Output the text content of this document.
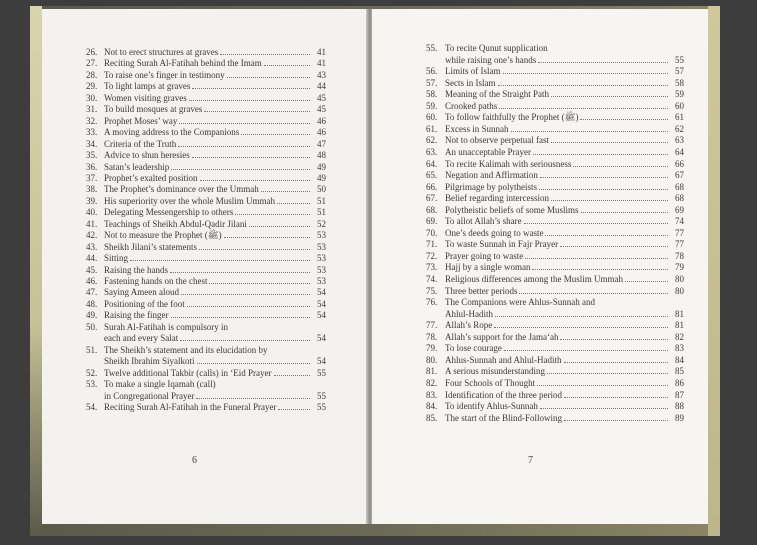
26. Not to erect structures at graves	41
27. Reciting Surah Al-Fatihah behind the Imam	41
28. To raise one’s finger in testimony	43
29. To light lamps at graves	44
30. Women visiting graves	45
31. To build mosques at graves	45
32. Prophet Moses’ way	46
33. A moving address to the Companions	46
34. Criteria of the Truth	47
35. Advice to shun heresies	48
36. Satan’s leadership	49
37. Prophet’s exalted position	49
38. The Prophet’s dominance over the Ummah	50
39. His superiority over the whole Muslim Ummah	51
40. Delegating Messengership to others	51
41. Teachings of Sheikh Abdul-Qadir Jilani	52
42. Not to measure the Prophet (ﷺ)	53
43. Sheikh Jilani’s statements	53
44. Sitting	53
45. Raising the hands	53
46. Fastening hands on the chest	53
47. Saying Ameen aloud	54
48. Positioning of the foot	54
49. Raising the finger	54
50. Surah Al-Fatihah is compulsory in
each and every Salat	54
51. The Sheikh’s statement and its elucidation by
Sheikh Ibrahim Siyalkoti	54
52. Twelve additional Takbir (calls) in ‘Eid Prayer	55
53. To make a single Iqamah (call)
in Congregational Prayer	55
54. Reciting Surah Al-Fatihah in the Funeral Prayer	55
6
55. To recite Qunut supplication
while raising one’s hands	55
56. Limits of Islam	57
57. Sects in Islam	58
58. Meaning of the Straight Path	59
59. Crooked paths	60
60. To follow faithfully the Prophet (ﷺ)	61
61. Excess in Sunnah	62
62. Not to observe perpetual fast	63
63. An unacceptable Prayer	64
64. To recite Kalimah with seriousness	66
65. Negation and Affirmation	67
66. Pilgrimage by polytheists	68
67. Belief regarding intercession	68
68. Polytheistic beliefs of some Muslims	69
69. To allot Allah’s share	74
70. One’s deeds going to waste	77
71. To waste Sunnah in Fajr Prayer	77
72. Prayer going to waste	78
73. Hajj by a single woman	79
74. Religious differences among the Muslim Ummah	80
75. Three better periods	80
76. The Companions were Ahlus-Sunnah and
Ahlul-Hadith	81
77. Allah’s Rope	81
78. Allah’s support for the Jama‘ah	82
79. To lose courage	83
80. Ahlus-Sunnah and Ahlul-Hadith	84
81. A serious misunderstanding	85
82. Four Schools of Thought	86
83. Identification of the three period	87
84. To identify Ahlus-Sunnah	88
85. The start of the Blind-Following	89
7
